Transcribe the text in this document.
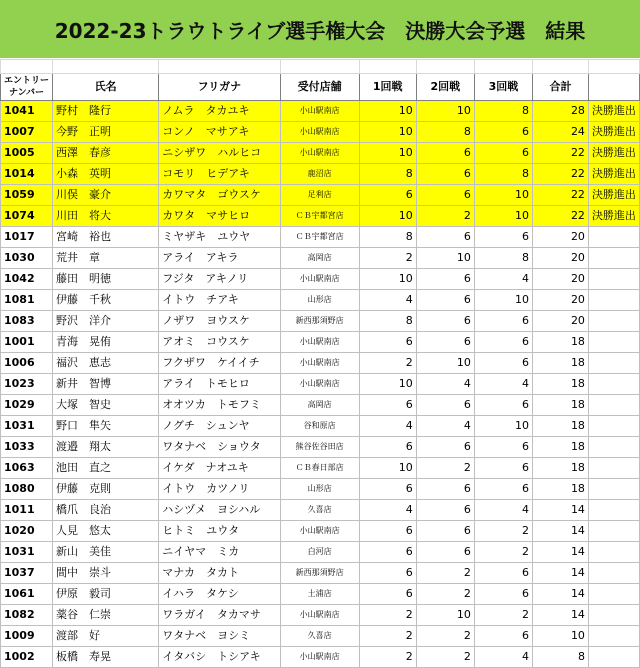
2022-23トラウトライブ選手権大会　決勝大会予選　結果

エントリー
ナンバー	氏名	フリガナ	受付店舗	1回戦	2回戦	3回戦	合計	
1041	野村　隆行	ノムラ　タカユキ	小山駅南店	10	10	8	28	決勝進出
1007	今野　正明	コンノ　マサアキ	小山駅南店	10	8	6	24	決勝進出
1005	西澤　春彦	ニシザワ　ハルヒコ	小山駅南店	10	6	6	22	決勝進出
1014	小森　英明	コモリ　ヒデアキ	鹿沼店	8	6	8	22	決勝進出
1059	川俣　豪介	カワマタ　ゴウスケ	足利店	6	6	10	22	決勝進出
1074	川田　将大	カワタ　マサヒロ	ＣＢ宇都宮店	10	2	10	22	決勝進出
1017	宮崎　裕也	ミヤザキ　ユウヤ	ＣＢ宇都宮店	8	6	6	20	
1030	荒井　章	アライ　アキラ	高岡店	2	10	8	20	
1042	藤田　明徳	フジタ　アキノリ	小山駅南店	10	6	4	20	
1081	伊藤　千秋	イトウ　チアキ	山形店	4	6	10	20	
1083	野沢　洋介	ノザワ　ヨウスケ	新西那須野店	8	6	6	20	
1001	青海　晃侑	アオミ　コウスケ	小山駅南店	6	6	6	18	
1006	福沢　恵志	フクザワ　ケイイチ	小山駅南店	2	10	6	18	
1023	新井　智博	アライ　トモヒロ	小山駅南店	10	4	4	18	
1029	大塚　智史	オオツカ　トモフミ	高岡店	6	6	6	18	
1031	野口　隼矢	ノグチ　シュンヤ	谷和原店	4	4	10	18	
1033	渡邉　翔太	ワタナベ　ショウタ	熊谷佐谷田店	6	6	6	18	
1063	池田　直之	イケダ　ナオユキ	ＣＢ春日部店	10	2	6	18	
1080	伊藤　克則	イトウ　カツノリ	山形店	6	6	6	18	
1011	橋爪　良治	ハシヅメ　ヨシハル	久喜店	4	6	4	14	
1020	人見　悠太	ヒトミ　ユウタ	小山駅南店	6	6	2	14	
1031	新山　美佳	ニイヤマ　ミカ	白河店	6	6	2	14	
1037	間中　崇斗	マナカ　タカト	新西那須野店	6	2	6	14	
1061	伊原　毅司	イハラ　タケシ	土浦店	6	2	6	14	
1082	薬谷　仁崇	ワラガイ　タカマサ	小山駅南店	2	10	2	14	
1009	渡部　好	ワタナベ　ヨシミ	久喜店	2	2	6	10	
1002	板橋　寿晃	イタバシ　トシアキ	小山駅南店	2	2	4	8	
